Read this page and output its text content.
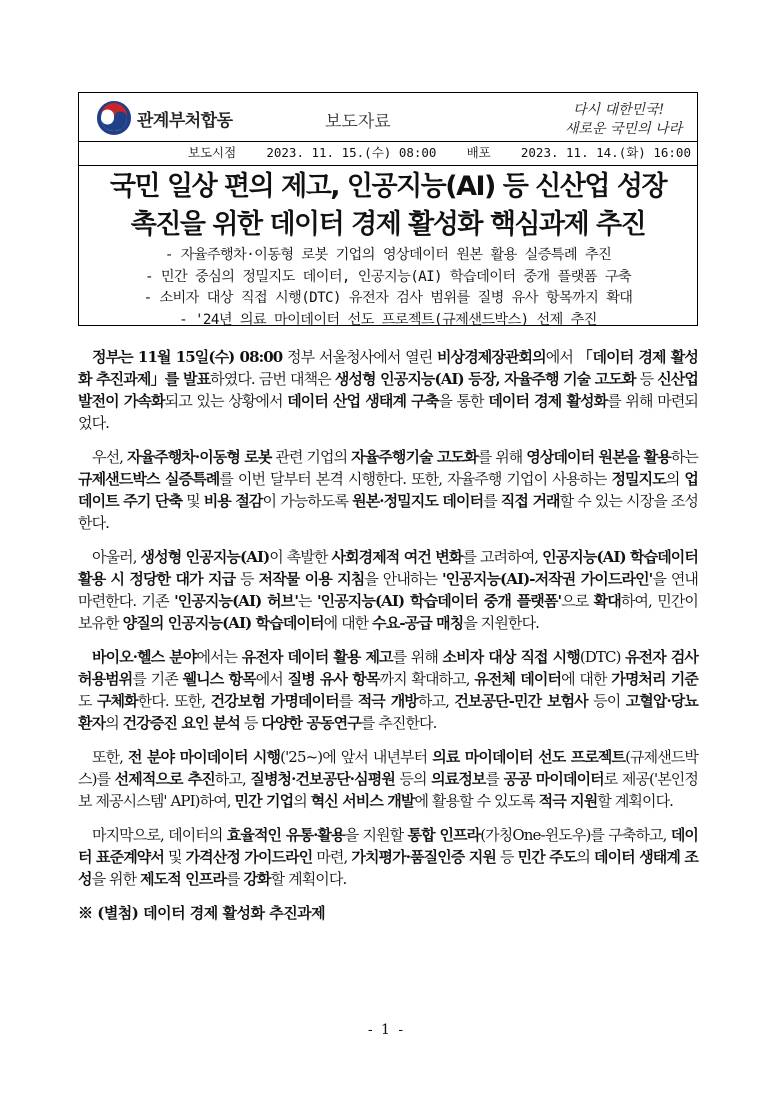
관계부처합동	보도자료
다시 대한민국!
새로운 국민의 나라
보도시점 2023. 11. 15.(수) 08:00 배포 2023. 11. 14.(화) 16:00
국민 일상 편의 제고, 인공지능(AI) 등 신산업 성장
촉진을 위한 데이터 경제 활성화 핵심과제 추진
- 자율주행차·이동형 로봇 기업의 영상데이터 원본 활용 실증특례 추진
- 민간 중심의 정밀지도 데이터, 인공지능(AI) 학습데이터 중개 플랫폼 구축
- 소비자 대상 직접 시행(DTC) 유전자 검사 범위를 질병 유사 항목까지 확대
- '24년 의료 마이데이터 선도 프로젝트(규제샌드박스) 선제 추진

정부는 11월 15일(수) 08:00 정부 서울청사에서 열린 비상경제장관회의에서 「데이터 경제 활성화 추진과제」를 발표하였다. 금번 대책은 생성형 인공지능(AI) 등장, 자율주행 기술 고도화 등 신산업 발전이 가속화되고 있는 상황에서 데이터 산업 생태계 구축을 통한 데이터 경제 활성화를 위해 마련되었다.

우선, 자율주행차·이동형 로봇 관련 기업의 자율주행기술 고도화를 위해 영상데이터 원본을 활용하는 규제샌드박스 실증특례를 이번 달부터 본격 시행한다. 또한, 자율주행 기업이 사용하는 정밀지도의 업데이트 주기 단축 및 비용 절감이 가능하도록 원본·정밀지도 데이터를 직접 거래할 수 있는 시장을 조성한다.

아울러, 생성형 인공지능(AI)이 촉발한 사회경제적 여건 변화를 고려하여, 인공지능(AI) 학습데이터 활용 시 정당한 대가 지급 등 저작물 이용 지침을 안내하는 '인공지능(AI)-저작권 가이드라인'을 연내 마련한다. 기존 '인공지능(AI) 허브'는 '인공지능(AI) 학습데이터 중개 플랫폼'으로 확대하여, 민간이 보유한 양질의 인공지능(AI) 학습데이터에 대한 수요-공급 매칭을 지원한다.

바이오·헬스 분야에서는 유전자 데이터 활용 제고를 위해 소비자 대상 직접 시행(DTC) 유전자 검사 허용범위를 기존 웰니스 항목에서 질병 유사 항목까지 확대하고, 유전체 데이터에 대한 가명처리 기준도 구체화한다. 또한, 건강보험 가명데이터를 적극 개방하고, 건보공단-민간 보험사 등이 고혈압·당뇨 환자의 건강증진 요인 분석 등 다양한 공동연구를 추진한다.

또한, 전 분야 마이데이터 시행('25~)에 앞서 내년부터 의료 마이데이터 선도 프로젝트(규제샌드박스)를 선제적으로 추진하고, 질병청·건보공단·심평원 등의 의료정보를 공공 마이데이터로 제공('본인정보 제공시스템' API)하여, 민간 기업의 혁신 서비스 개발에 활용할 수 있도록 적극 지원할 계획이다.

마지막으로, 데이터의 효율적인 유통·활용을 지원할 통합 인프라(가칭One-윈도우)를 구축하고, 데이터 표준계약서 및 가격산정 가이드라인 마련, 가치평가·품질인증 지원 등 민간 주도의 데이터 생태계 조성을 위한 제도적 인프라를 강화할 계획이다.

※ (별첨) 데이터 경제 활성화 추진과제
- 1 -
